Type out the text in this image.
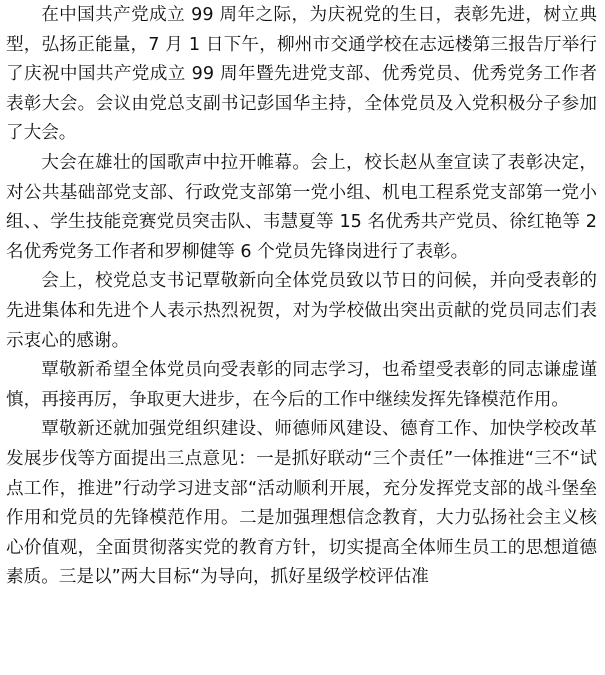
在中国共产党成立 99 周年之际，为庆祝党的生日，表彰先进，树立典型，弘扬正能量，7 月 1 日下午，柳州市交通学校在志远楼第三报告厅举行了庆祝中国共产党成立 99 周年暨先进党支部、优秀党员、优秀党务工作者表彰大会。会议由党总支副书记彭国华主持，全体党员及入党积极分子参加了大会。

大会在雄壮的国歌声中拉开帷幕。会上，校长赵从奎宣读了表彰决定，对公共基础部党支部、行政党支部第一党小组、机电工程系党支部第一党小组、、学生技能竞赛党员突击队、韦慧夏等 15 名优秀共产党员、徐红艳等 2 名优秀党务工作者和罗柳健等 6 个党员先锋岗进行了表彰。

会上，校党总支书记覃敬新向全体党员致以节日的问候，并向受表彰的先进集体和先进个人表示热烈祝贺，对为学校做出突出贡献的党员同志们表示衷心的感谢。

覃敬新希望全体党员向受表彰的同志学习，也希望受表彰的同志谦虚谨慎，再接再厉，争取更大进步，在今后的工作中继续发挥先锋模范作用。

覃敬新还就加强党组织建设、师德师风建设、德育工作、加快学校改革发展步伐等方面提出三点意见：一是抓好联动“三个责任”一体推进“三不“试点工作，推进”行动学习进支部“活动顺利开展，充分发挥党支部的战斗堡垒作用和党员的先锋模范作用。二是加强理想信念教育，大力弘扬社会主义核心价值观，全面贯彻落实党的教育方针，切实提高全体师生员工的思想道德素质。三是以”两大目标“为导向，抓好星级学校评估准
